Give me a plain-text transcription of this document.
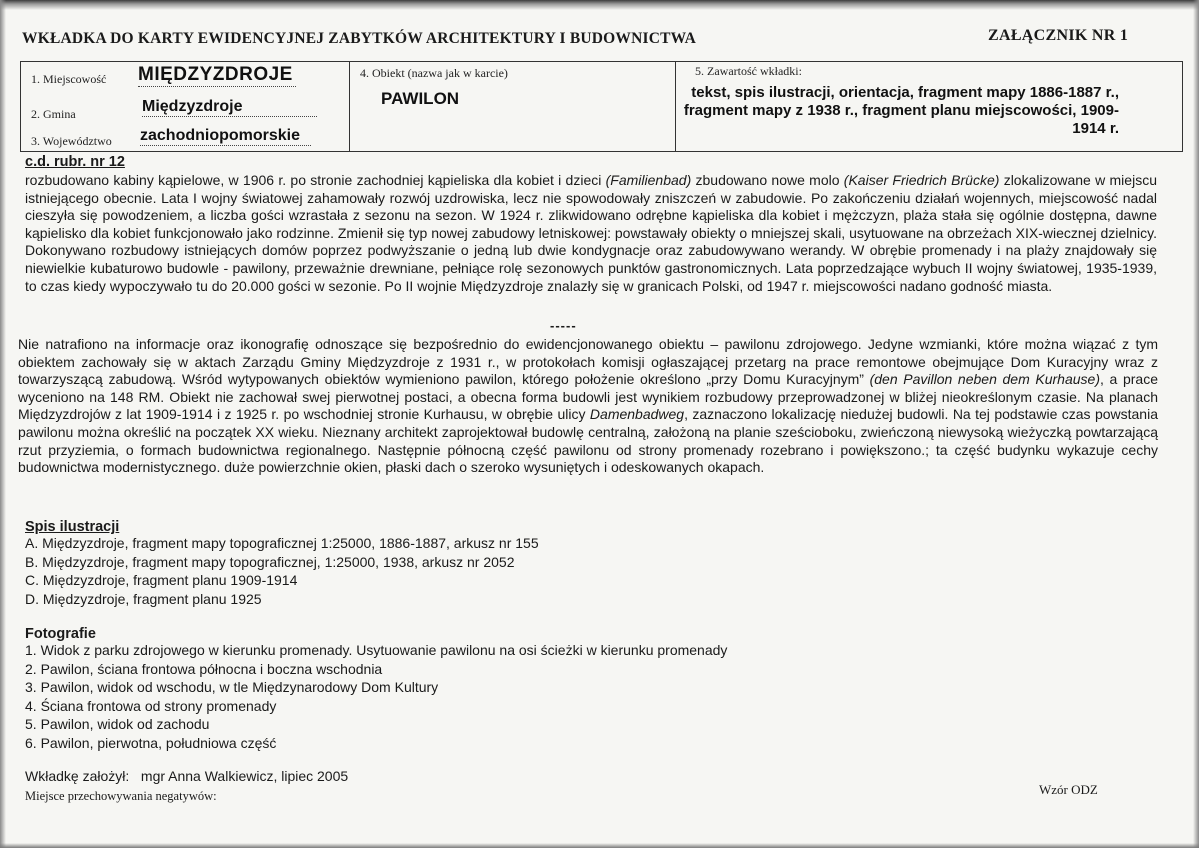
WKŁADKA DO KARTY EWIDENCYJNEJ ZABYTKÓW ARCHITEKTURY I BUDOWNICTWA	ZAŁĄCZNIK NR 1
1. Miejscowość MIĘDZYZDROJE
2. Gmina	Międzyzdroje
3. Województwo zachodniopomorskie
4. Obiekt (nazwa jak w karcie)
PAWILON
5. Zawartość wkładki:
tekst, spis ilustracji, orientacja, fragment mapy 1886-1887 r., fragment mapy z 1938 r., fragment planu miejscowości, 1909-1914 r.
c.d. rubr. nr 12
rozbudowano kabiny kąpielowe, w 1906 r. po stronie zachodniej kąpieliska dla kobiet i dzieci (Familienbad) zbudowano nowe molo (Kaiser Friedrich Brücke) zlokalizowane w miejscu istniejącego obecnie. Lata I wojny światowej zahamowały rozwój uzdrowiska, lecz nie spowodowały zniszczeń w zabudowie. Po zakończeniu działań wojennych, miejscowość nadal cieszyła się powodzeniem, a liczba gości wzrastała z sezonu na sezon. W 1924 r. zlikwidowano odrębne kąpieliska dla kobiet i mężczyzn, plaża stała się ogólnie dostępna, dawne kąpielisko dla kobiet funkcjonowało jako rodzinne. Zmienił się typ nowej zabudowy letniskowej: powstawały obiekty o mniejszej skali, usytuowane na obrzeżach XIX-wiecznej dzielnicy. Dokonywano rozbudowy istniejących domów poprzez podwyższanie o jedną lub dwie kondygnacje oraz zabudowywano werandy. W obrębie promenady i na plaży znajdowały się niewielkie kubaturowo budowle - pawilony, przeważnie drewniane, pełniące rolę sezonowych punktów gastronomicznych. Lata poprzedzające wybuch II wojny światowej, 1935-1939, to czas kiedy wypoczywało tu do 20.000 gości w sezonie. Po II wojnie Międzyzdroje znalazły się w granicach Polski, od 1947 r. miejscowości nadano godność miasta.
-----
Nie natrafiono na informacje oraz ikonografię odnoszące się bezpośrednio do ewidencjonowanego obiektu – pawilonu zdrojowego. Jedyne wzmianki, które można wiązać z tym obiektem zachowały się w aktach Zarządu Gminy Międzyzdroje z 1931 r., w protokołach komisji ogłaszającej przetarg na prace remontowe obejmujące Dom Kuracyjny wraz z towarzyszącą zabudową. Wśród wytypowanych obiektów wymieniono pawilon, którego położenie określono „przy Domu Kuracyjnym” (den Pavillon neben dem Kurhause), a prace wyceniono na 148 RM. Obiekt nie zachował swej pierwotnej postaci, a obecna forma budowli jest wynikiem rozbudowy przeprowadzonej w bliżej nieokreślonym czasie. Na planach Międzyzdrojów z lat 1909-1914 i z 1925 r. po wschodniej stronie Kurhausu, w obrębie ulicy Damenbadweg, zaznaczono lokalizację niedużej budowli. Na tej podstawie czas powstania pawilonu można określić na początek XX wieku. Nieznany architekt zaprojektował budowlę centralną, założoną na planie sześcioboku, zwieńczoną niewysoką wieżyczką powtarzającą rzut przyziemia, o formach budownictwa regionalnego. Następnie północną część pawilonu od strony promenady rozebrano i powiększono.; ta część budynku wykazuje cechy budownictwa modernistycznego. duże powierzchnie okien, płaski dach o szeroko wysuniętych i odeskowanych okapach.
Spis ilustracji
A. Międzyzdroje, fragment mapy topograficznej 1:25000, 1886-1887, arkusz nr 155
B. Międzyzdroje, fragment mapy topograficznej, 1:25000, 1938, arkusz nr 2052
C. Międzyzdroje, fragment planu 1909-1914
D. Międzyzdroje, fragment planu 1925
Fotografie
1. Widok z parku zdrojowego w kierunku promenady. Usytuowanie pawilonu na osi ścieżki w kierunku promenady
2. Pawilon, ściana frontowa północna i boczna wschodnia
3. Pawilon, widok od wschodu, w tle Międzynarodowy Dom Kultury
4. Ściana frontowa od strony promenady
5. Pawilon, widok od zachodu
6. Pawilon, pierwotna, południowa część
Wkładkę założył:   mgr Anna Walkiewicz, lipiec 2005
Miejsce przechowywania negatywów:	Wzór ODZ
